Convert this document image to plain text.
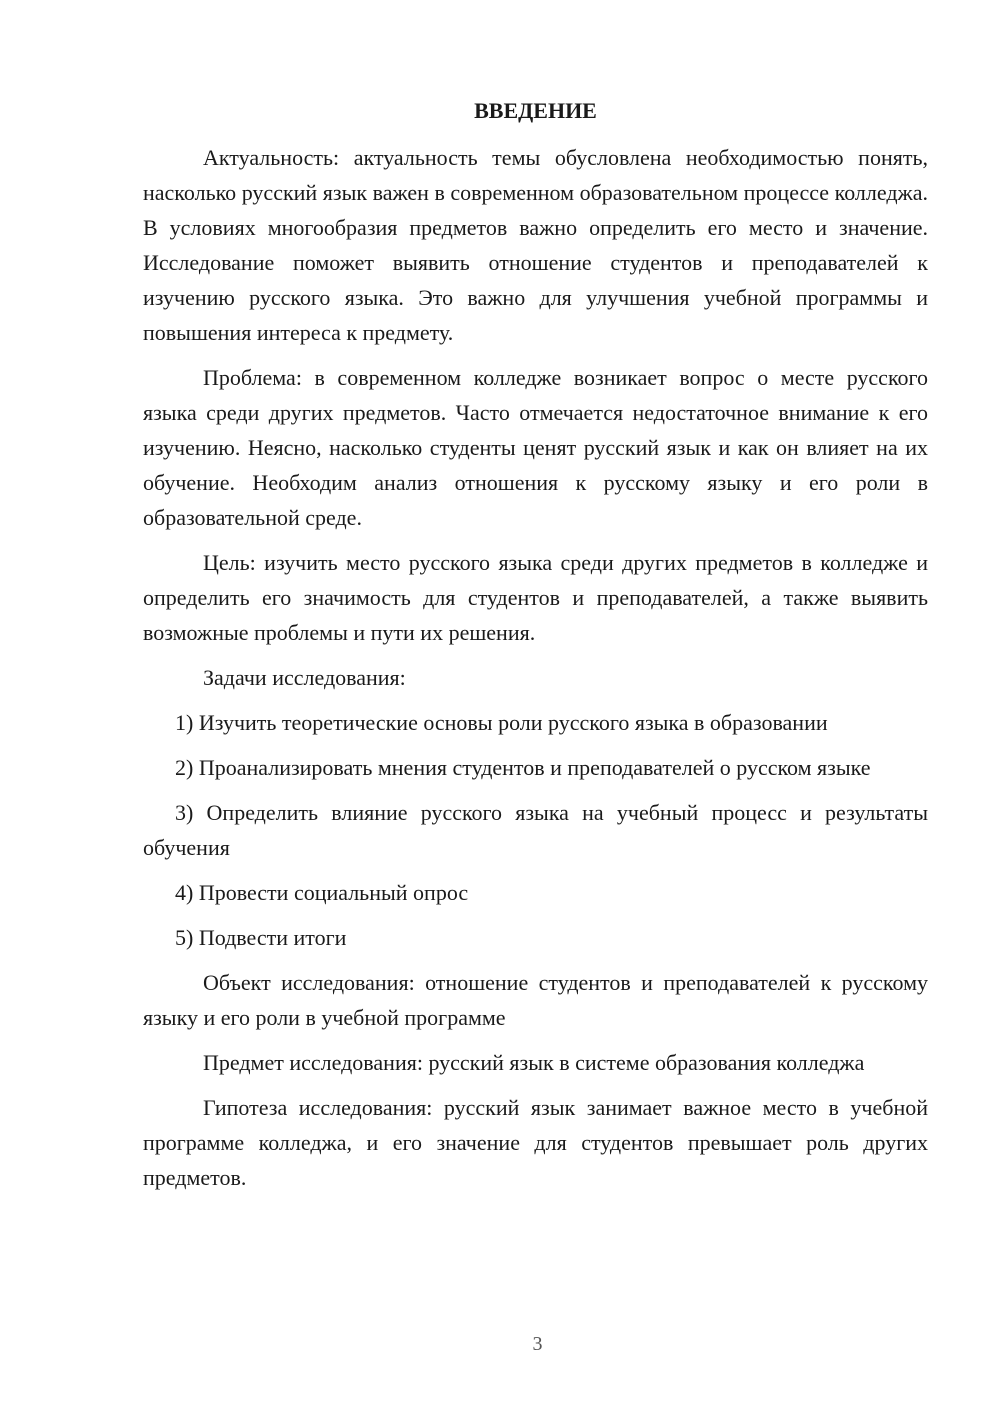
ВВЕДЕНИЕ

Актуальность: актуальность темы обусловлена необходимостью понять, насколько русский язык важен в современном образовательном процессе колледжа. В условиях многообразия предметов важно определить его место и значение. Исследование поможет выявить отношение студентов и преподавателей к изучению русского языка. Это важно для улучшения учебной программы и повышения интереса к предмету.

Проблема: в современном колледже возникает вопрос о месте русского языка среди других предметов. Часто отмечается недостаточное внимание к его изучению. Неясно, насколько студенты ценят русский язык и как он влияет на их обучение. Необходим анализ отношения к русскому языку и его роли в образовательной среде.

Цель: изучить место русского языка среди других предметов в колледже и определить его значимость для студентов и преподавателей, а также выявить возможные проблемы и пути их решения.

Задачи исследования:

1) Изучить теоретические основы роли русского языка в образовании

2) Проанализировать мнения студентов и преподавателей о русском языке

3) Определить влияние русского языка на учебный процесс и результаты обучения

4) Провести социальный опрос

5) Подвести итоги

Объект исследования: отношение студентов и преподавателей к русскому языку и его роли в учебной программе

Предмет исследования: русский язык в системе образования колледжа

Гипотеза исследования: русский язык занимает важное место в учебной программе колледжа, и его значение для студентов превышает роль других предметов.

3
